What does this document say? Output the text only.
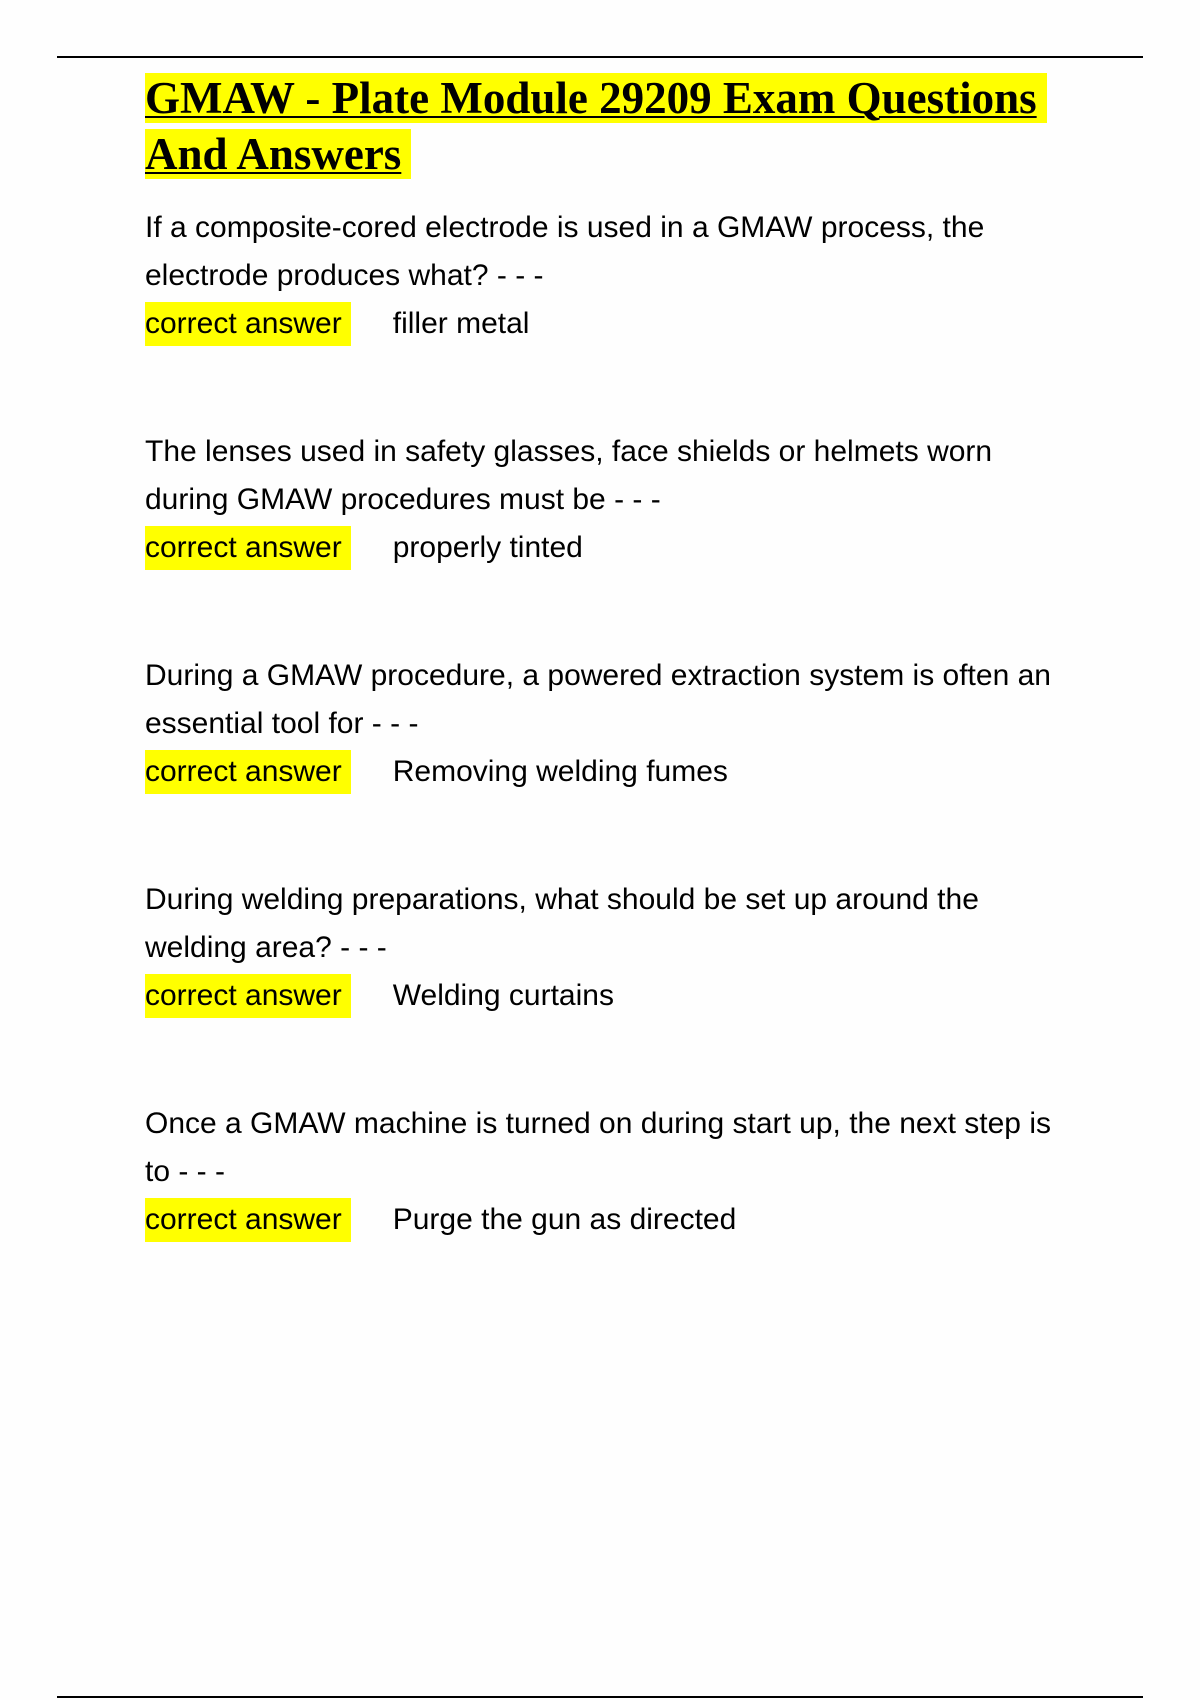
GMAW - Plate Module 29209 Exam Questions And Answers

If a composite-cored electrode is used in a GMAW process, the electrode produces what? - - -

correct answer	filler metal

The lenses used in safety glasses, face shields or helmets worn during GMAW procedures must be - - -

correct answer	properly tinted

During a GMAW procedure, a powered extraction system is often an essential tool for - - -

correct answer	Removing welding fumes

During welding preparations, what should be set up around the welding area? - - -

correct answer	Welding curtains

Once a GMAW machine is turned on during start up, the next step is to - - -

correct answer	Purge the gun as directed
